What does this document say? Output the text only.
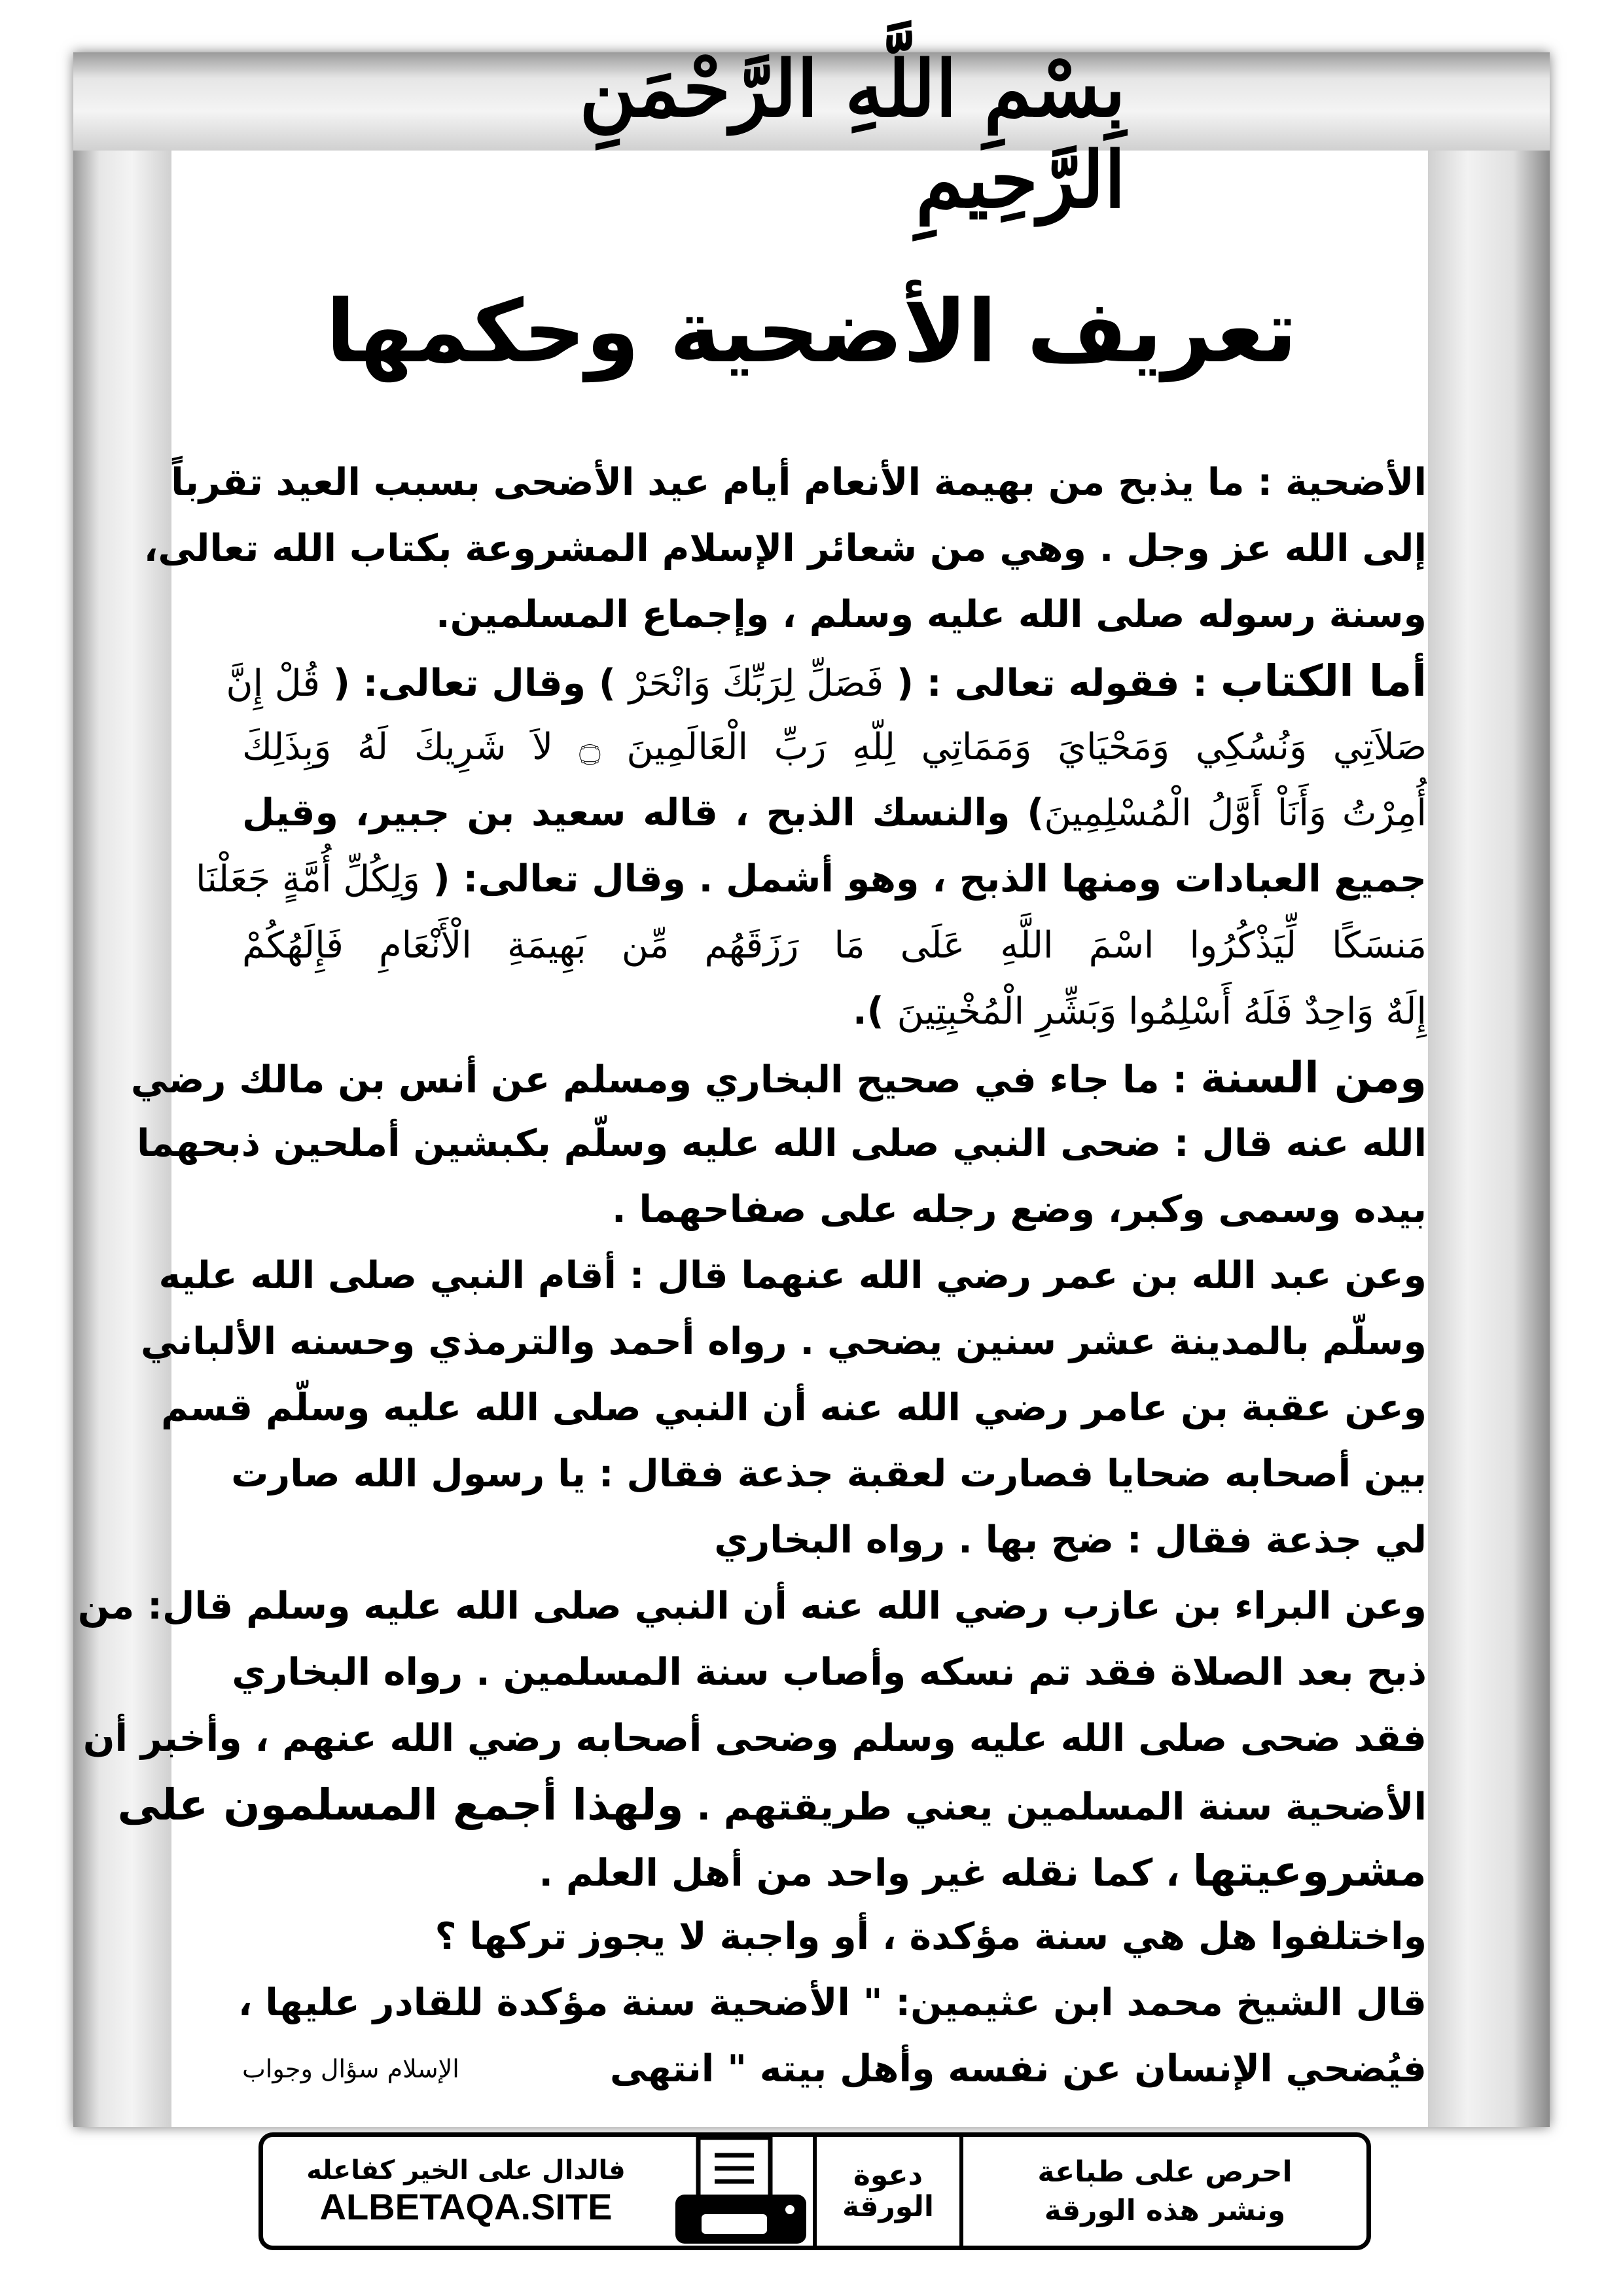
بِسْمِ اللَّهِ الرَّحْمَنِ الرَّحِيمِ
تعريف الأضحية وحكمها
الأضحية : ما يذبح من بهيمة الأنعام أيام عيد الأضحى بسبب العيد تقرباً
إلى الله عز وجل . وهي من شعائر الإسلام المشروعة بكتاب الله تعالى،
وسنة رسوله صلى الله عليه وسلم ، وإجماع المسلمين.
أما الكتاب : فقوله تعالى : ( فَصَلِّ لِرَبِّكَ وَانْحَرْ ) وقال تعالى: ( قُلْ إِنَّ
صَلاَتِي وَنُسُكِي وَمَحْيَايَ وَمَمَاتِي لِلّهِ رَبِّ الْعَالَمِينَ ۝ لاَ شَرِيكَ لَهُ وَبِذَلِكَ
أُمِرْتُ وَأَنَاْ أَوَّلُ الْمُسْلِمِينَ) والنسك الذبح ، قاله سعيد بن جبير، وقيل
جميع العبادات ومنها الذبح ، وهو أشمل . وقال تعالى: ( وَلِكُلِّ أُمَّةٍ جَعَلْنَا
مَنسَكًا لِّيَذْكُرُوا اسْمَ اللَّهِ عَلَى مَا رَزَقَهُم مِّن بَهِيمَةِ الْأَنْعَامِ فَإِلَهُكُمْ
إِلَهٌ وَاحِدٌ فَلَهُ أَسْلِمُوا وَبَشِّرِ الْمُخْبِتِينَ ).
ومن السنة : ما جاء في صحيح البخاري ومسلم عن أنس بن مالك رضي
الله عنه قال : ضحى النبي صلى الله عليه وسلّم بكبشين أملحين ذبحهما
بيده وسمى وكبر، وضع رجله على صفاحهما .
وعن عبد الله بن عمر رضي الله عنهما قال : أقام النبي صلى الله عليه
وسلّم بالمدينة عشر سنين يضحي . رواه أحمد والترمذي وحسنه الألباني
وعن عقبة بن عامر رضي الله عنه أن النبي صلى الله عليه وسلّم قسم
بين أصحابه ضحايا فصارت لعقبة جذعة فقال : يا رسول الله صارت
لي جذعة فقال : ضح بها . رواه البخاري
وعن البراء بن عازب رضي الله عنه أن النبي صلى الله عليه وسلم قال: من
ذبح بعد الصلاة فقد تم نسكه وأصاب سنة المسلمين . رواه البخاري
فقد ضحى صلى الله عليه وسلم وضحى أصحابه رضي الله عنهم ، وأخبر أن
الأضحية سنة المسلمين يعني طريقتهم . ولهذا أجمع المسلمون على
مشروعيتها ، كما نقله غير واحد من أهل العلم .
واختلفوا هل هي سنة مؤكدة ، أو واجبة لا يجوز تركها ؟
قال الشيخ محمد ابن عثيمين: " الأضحية سنة مؤكدة للقادر عليها ،
فيُضحي الإنسان عن نفسه وأهل بيته " انتهى
الإسلام سؤال وجواب
فالدال على الخير كفاعله
ALBETAQA.SITE
دعوة الورقة
احرص على طباعة
ونشر هذه الورقة
